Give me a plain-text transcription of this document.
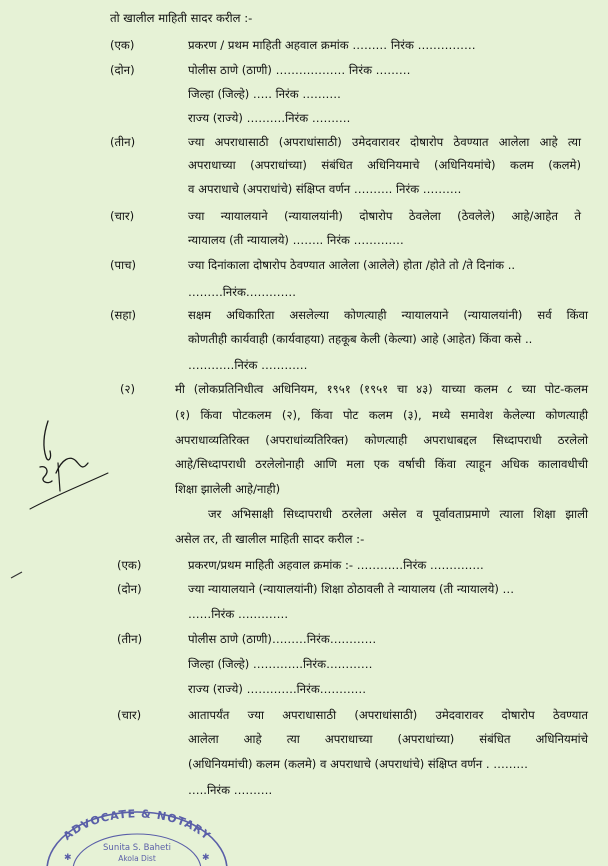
तो खालील माहिती सादर करील :-
(एक)	प्रकरण / प्रथम माहिती अहवाल क्रमांक ……… निरंक ……………
(दोन)	पोलीस ठाणे (ठाणी) ……………… निरंक ………
जिल्हा (जिल्हे) ….. निरंक ……….
राज्य (राज्ये) ……….निरंक ……….
(तीन)	ज्या अपराधासाठी (अपराधांसाठी) उमेदवारावर दोषारोप ठेवण्यात आलेला आहे त्या
अपराधाच्या (अपराधांच्या) संबंधित अधिनियमाचे (अधिनियमांचे) कलम (कलमे)
व अपराधाचे (अपराधांचे) संक्षिप्त वर्णन ………. निरंक ……….
(चार)	ज्या न्यायालयाने (न्यायालयांनी) दोषारोप ठेवलेला (ठेवलेले) आहे/आहेत ते
न्यायालय (ती न्यायालये) …….. निरंक ………….
(पाच)	ज्या दिनांकाला दोषारोप ठेवण्यात आलेला (आलेले) होता /होते तो /ते दिनांक ..
………निरंक………….
(सहा)	सक्षम अधिकारिता असलेल्या कोणत्याही न्यायालयाने (न्यायालयांनी) सर्व किंवा
कोणतीही कार्यवाही (कार्यवाहया) तहकूब केली (केल्या) आहे (आहेत) किंवा कसे ..
…………निरंक …………
(२)	मी (लोकप्रतिनिधीत्व अधिनियम, १९५१ (१९५१ चा ४३) याच्या कलम ८ च्या पोट-कलम
(१) किंवा पोटकलम (२), किंवा पोट कलम (३), मध्ये समावेश केलेल्या कोणत्याही
अपराधाव्यतिरिक्त (अपराधांव्यतिरिक्त) कोणत्याही अपराधाबद्दल सिध्दापराधी ठरलेलो
आहे/सिध्दापराधी ठरलेलोनाही आणि मला एक वर्षाची किंवा त्याहून अधिक कालावधीची
शिक्षा झालेली आहे/नाही)
जर अभिसाक्षी सिध्दापराधी ठरलेला असेल व पूर्वावताप्रमाणे त्याला शिक्षा झाली
असेल तर, ती खालील माहिती सादर करील :-
(एक)	प्रकरण/प्रथम माहिती अहवाल क्रमांक :- …………निरंक …………..
(दोन)	ज्या न्यायालयाने (न्यायालयांनी) शिक्षा ठोठावली ते न्यायालय (ती न्यायालये) …
……निरंक ………….
(तीन)	पोलीस ठाणे (ठाणी)………निरंक…………
जिल्हा (जिल्हे) ………….निरंक…………
राज्य (राज्ये) ………….निरंक…………
(चार)	आतापर्यंत ज्या अपराधासाठी (अपराधांसाठी) उमेदवारावर दोषारोप ठेवण्यात
आलेला आहे त्या अपराधाच्या (अपराधांच्या) संबंधित अधिनियमांचे
(अधिनियमांची) कलम (कलमे) व अपराधाचे (अपराधांचे) संक्षिप्त वर्णन . ………
…..निरंक ……….
ADVOCATE & NOTARY
Sunita S. Baheti
Akola Dist
✱	✱
